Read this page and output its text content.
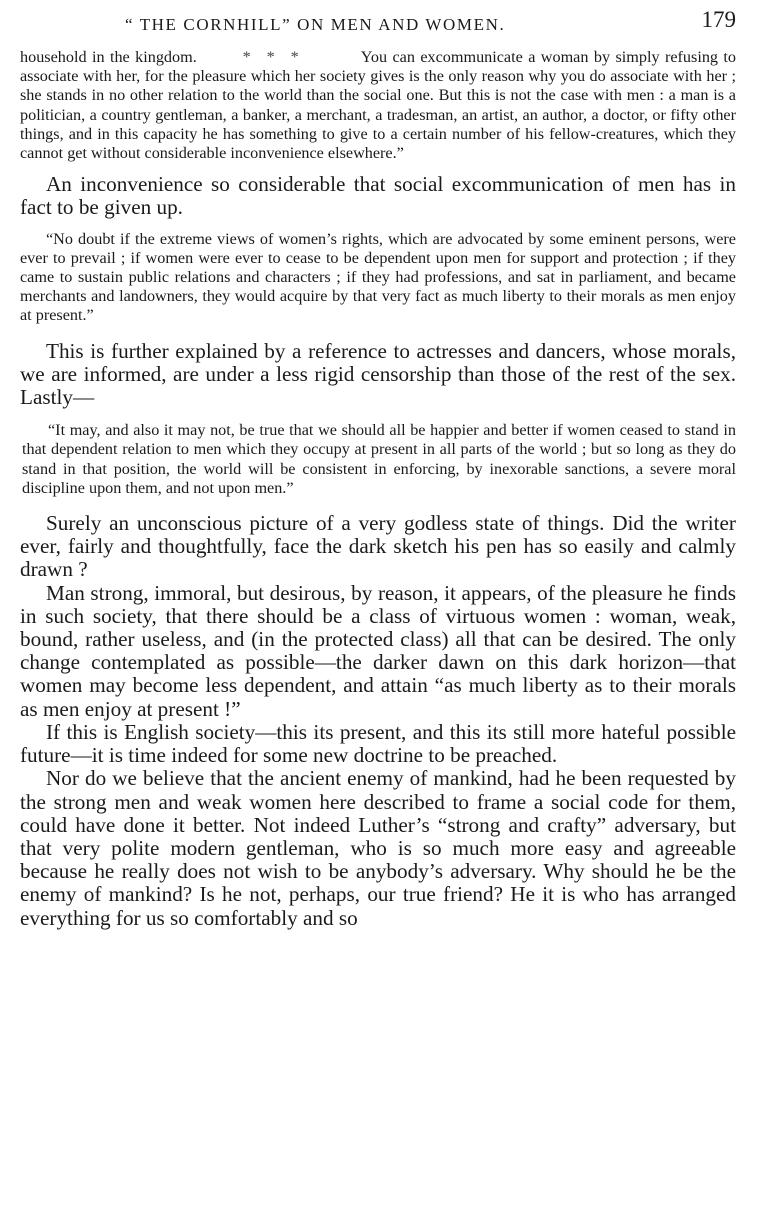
“ THE CORNHILL” ON MEN AND WOMEN.	179

household in the kingdom.	* * *	You can excommunicate a woman by simply refusing to associate with her, for the pleasure which her society gives is the only reason why you do associate with her ; she stands in no other relation to the world than the social one. But this is not the case with men : a man is a politician, a country gentleman, a banker, a merchant, a tradesman, an artist, an author, a doctor, or fifty other things, and in this capacity he has something to give to a certain number of his fellow-creatures, which they cannot get without considerable inconvenience elsewhere.”

An inconvenience so considerable that social excommunication of men has in fact to be given up.

“No doubt if the extreme views of women’s rights, which are advocated by some eminent persons, were ever to prevail ; if women were ever to cease to be dependent upon men for support and protection ; if they came to sustain public relations and characters ; if they had professions, and sat in parliament, and became merchants and landowners, they would acquire by that very fact as much liberty to their morals as men enjoy at present.”

This is further explained by a reference to actresses and dancers, whose morals, we are informed, are under a less rigid censorship than those of the rest of the sex. Lastly—

“It may, and also it may not, be true that we should all be happier and better if women ceased to stand in that dependent relation to men which they occupy at present in all parts of the world ; but so long as they do stand in that position, the world will be consistent in enforcing, by inexorable sanctions, a severe moral discipline upon them, and not upon men.”

Surely an unconscious picture of a very godless state of things. Did the writer ever, fairly and thoughtfully, face the dark sketch his pen has so easily and calmly drawn ?

Man strong, immoral, but desirous, by reason, it appears, of the pleasure he finds in such society, that there should be a class of virtuous women : woman, weak, bound, rather useless, and (in the protected class) all that can be desired. The only change contemplated as possible—the darker dawn on this dark horizon—that women may become less dependent, and attain “as much liberty as to their morals as men enjoy at present !”

If this is English society—this its present, and this its still more hateful possible future—it is time indeed for some new doctrine to be preached.

Nor do we believe that the ancient enemy of mankind, had he been requested by the strong men and weak women here described to frame a social code for them, could have done it better. Not indeed Luther’s “strong and crafty” adversary, but that very polite modern gentleman, who is so much more easy and agreeable because he really does not wish to be anybody’s adversary. Why should he be the enemy of mankind? Is he not, perhaps, our true friend? He it is who has arranged everything for us so comfortably and so
